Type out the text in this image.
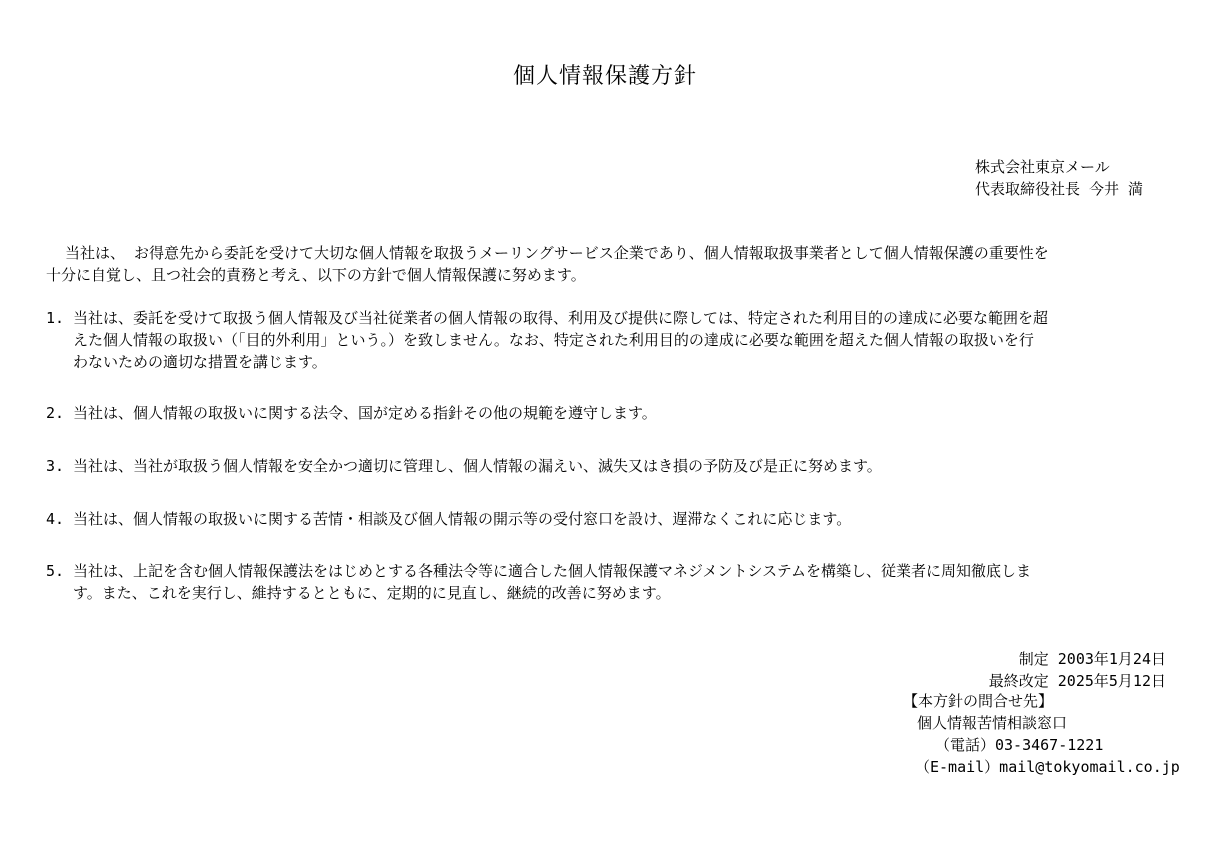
個人情報保護方針
株式会社東京メール
代表取締役社長 今井 満
当社は、 お得意先から委託を受けて大切な個人情報を取扱うメーリングサービス企業であり、個人情報取扱事業者として個人情報保護の重要性を
十分に自覚し、且つ社会的責務と考え、以下の方針で個人情報保護に努めます。
1. 当社は、委託を受けて取扱う個人情報及び当社従業者の個人情報の取得、利用及び提供に際しては、特定された利用目的の達成に必要な範囲を超
えた個人情報の取扱い（「目的外利用」という。）を致しません。なお、特定された利用目的の達成に必要な範囲を超えた個人情報の取扱いを行
わないための適切な措置を講じます。
2. 当社は、個人情報の取扱いに関する法令、国が定める指針その他の規範を遵守します。
3. 当社は、当社が取扱う個人情報を安全かつ適切に管理し、個人情報の漏えい、滅失又はき損の予防及び是正に努めます。
4. 当社は、個人情報の取扱いに関する苦情・相談及び個人情報の開示等の受付窓口を設け、遅滞なくこれに応じます。
5. 当社は、上記を含む個人情報保護法をはじめとする各種法令等に適合した個人情報保護マネジメントシステムを構築し、従業者に周知徹底しま
す。また、これを実行し、維持するとともに、定期的に見直し、継続的改善に努めます。
制定 2003年1月24日
最終改定 2025年5月12日
【本方針の問合せ先】
個人情報苦情相談窓口
（電話）03-3467-1221
（E-mail）mail@tokyomail.co.jp
